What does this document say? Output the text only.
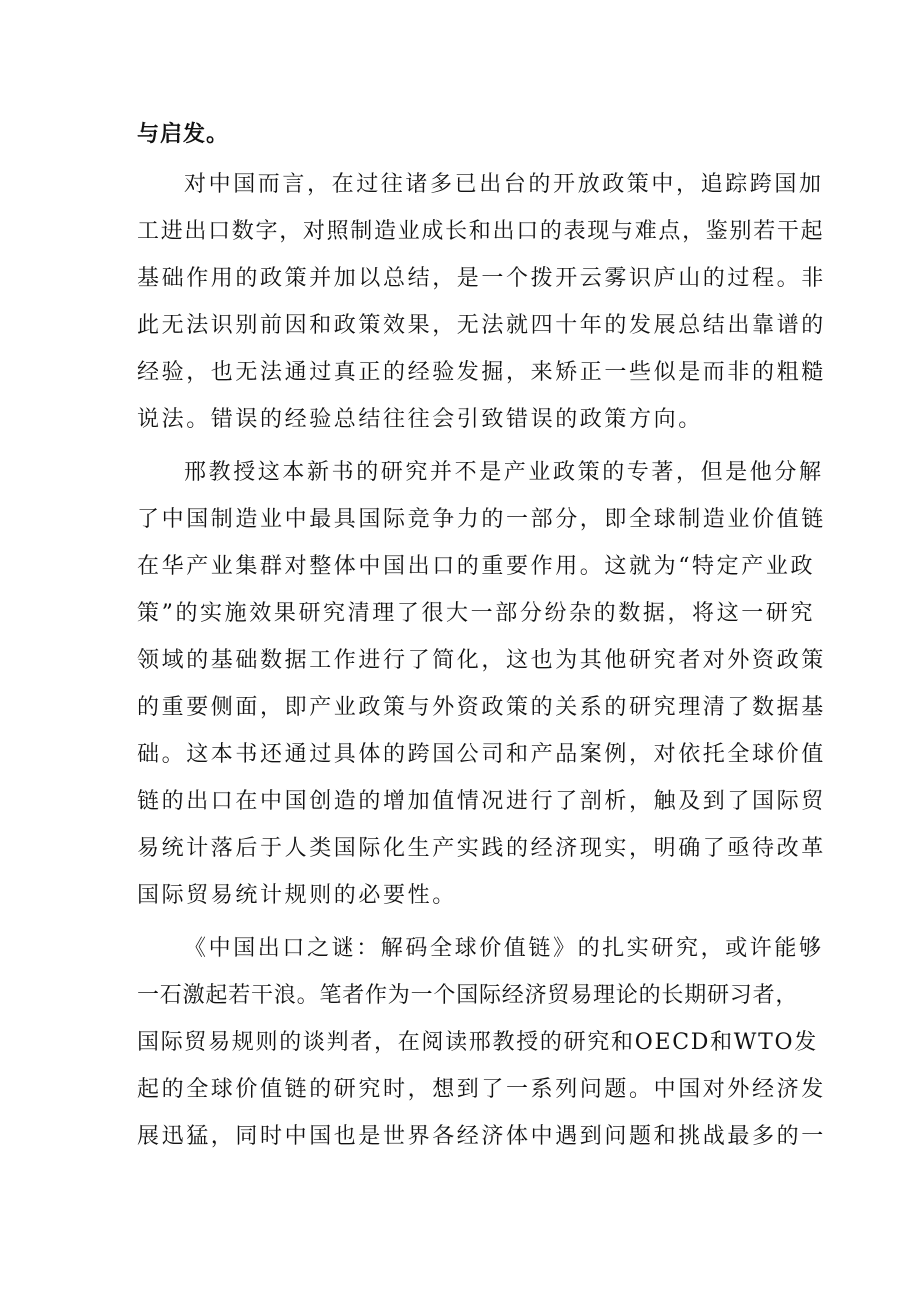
与启发。

对中国而言，在过往诸多已出台的开放政策中，追踪跨国加

工进出口数字，对照制造业成长和出口的表现与难点，鉴别若干起

基础作用的政策并加以总结，是一个拨开云雾识庐山的过程。非

此无法识别前因和政策效果，无法就四十年的发展总结出靠谱的

经验，也无法通过真正的经验发掘，来矫正一些似是而非的粗糙

说法。错误的经验总结往往会引致错误的政策方向。

邢教授这本新书的研究并不是产业政策的专著，但是他分解

了中国制造业中最具国际竞争力的一部分，即全球制造业价值链

在华产业集群对整体中国出口的重要作用。这就为“特定产业政

策”的实施效果研究清理了很大一部分纷杂的数据，将这一研究

领域的基础数据工作进行了简化，这也为其他研究者对外资政策

的重要侧面，即产业政策与外资政策的关系的研究理清了数据基

础。这本书还通过具体的跨国公司和产品案例，对依托全球价值

链的出口在中国创造的增加值情况进行了剖析，触及到了国际贸

易统计落后于人类国际化生产实践的经济现实，明确了亟待改革

国际贸易统计规则的必要性。

《中国出口之谜：解码全球价值链》的扎实研究，或许能够

一石激起若干浪。笔者作为一个国际经济贸易理论的长期研习者，

国际贸易规则的谈判者，在阅读邢教授的研究和OECD和WTO发

起的全球价值链的研究时，想到了一系列问题。中国对外经济发

展迅猛，同时中国也是世界各经济体中遇到问题和挑战最多的一
